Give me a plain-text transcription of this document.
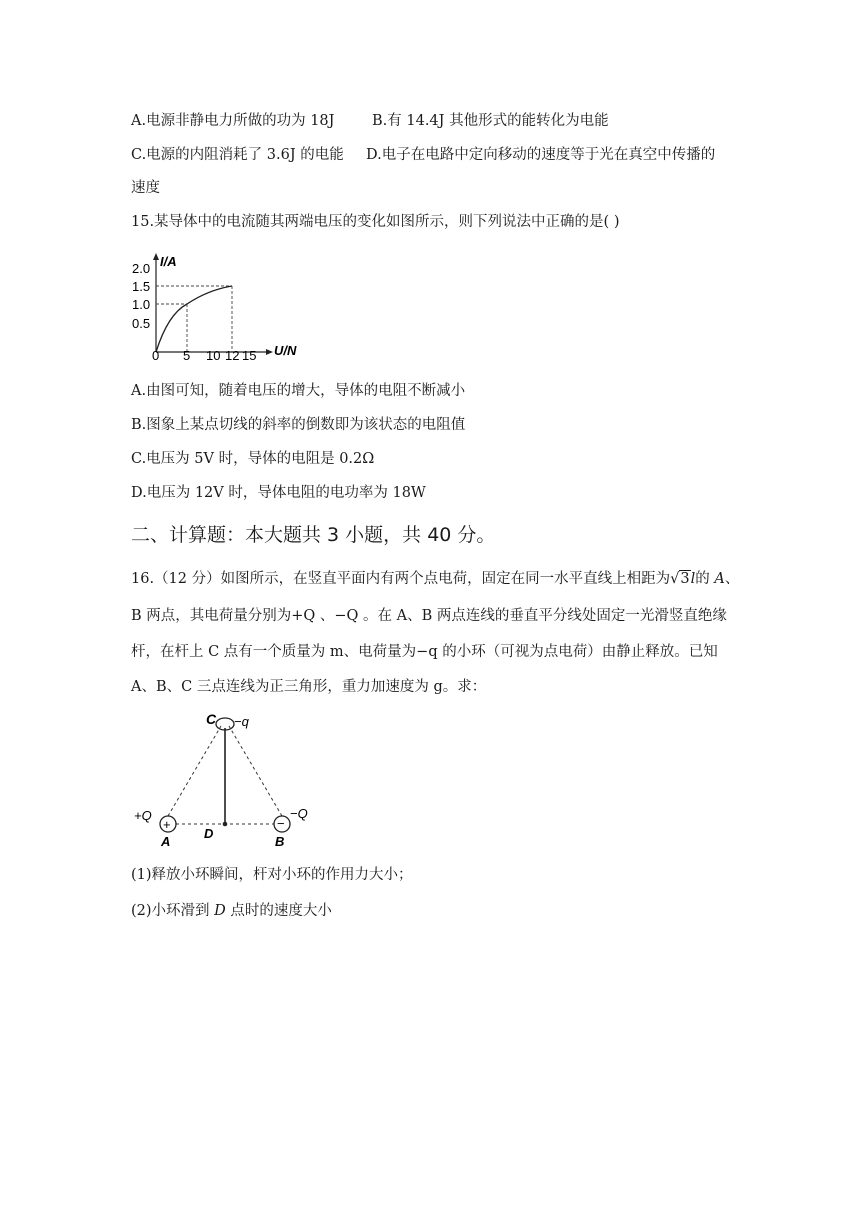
A.电源非静电力所做的功为 18J	B.有 14.4J 其他形式的能转化为电能
C.电源的内阻消耗了 3.6J 的电能 D.电子在电路中定向移动的速度等于光在真空中传播的
速度
15.某导体中的电流随其两端电压的变化如图所示，则下列说法中正确的是( )
2.0
1.5
1.0
0.5
I/A
0 5 10 12 15 U/N
A.由图可知，随着电压的增大，导体的电阻不断减小
B.图象上某点切线的斜率的倒数即为该状态的电阻值
C.电压为 5V 时，导体的电阻是 0.2Ω
D.电压为 12V 时，导体电阻的电功率为 18W
二、计算题：本大题共 3 小题，共 40 分。
16.（12 分）如图所示，在竖直平面内有两个点电荷，固定在同一水平直线上相距为√3l的 A、
B 两点，其电荷量分别为+Q 、−Q 。在 A、B 两点连线的垂直平分线处固定一光滑竖直绝缘
杆，在杆上 C 点有一个质量为 m、电荷量为−q 的小环（可视为点电荷）由静止释放。已知
A、B、C 三点连线为正三角形，重力加速度为 g。求：
+	−
C −q
+Q	−Q
A	B
D
(1)释放小环瞬间，杆对小环的作用力大小；
(2)小环滑到 D 点时的速度大小
